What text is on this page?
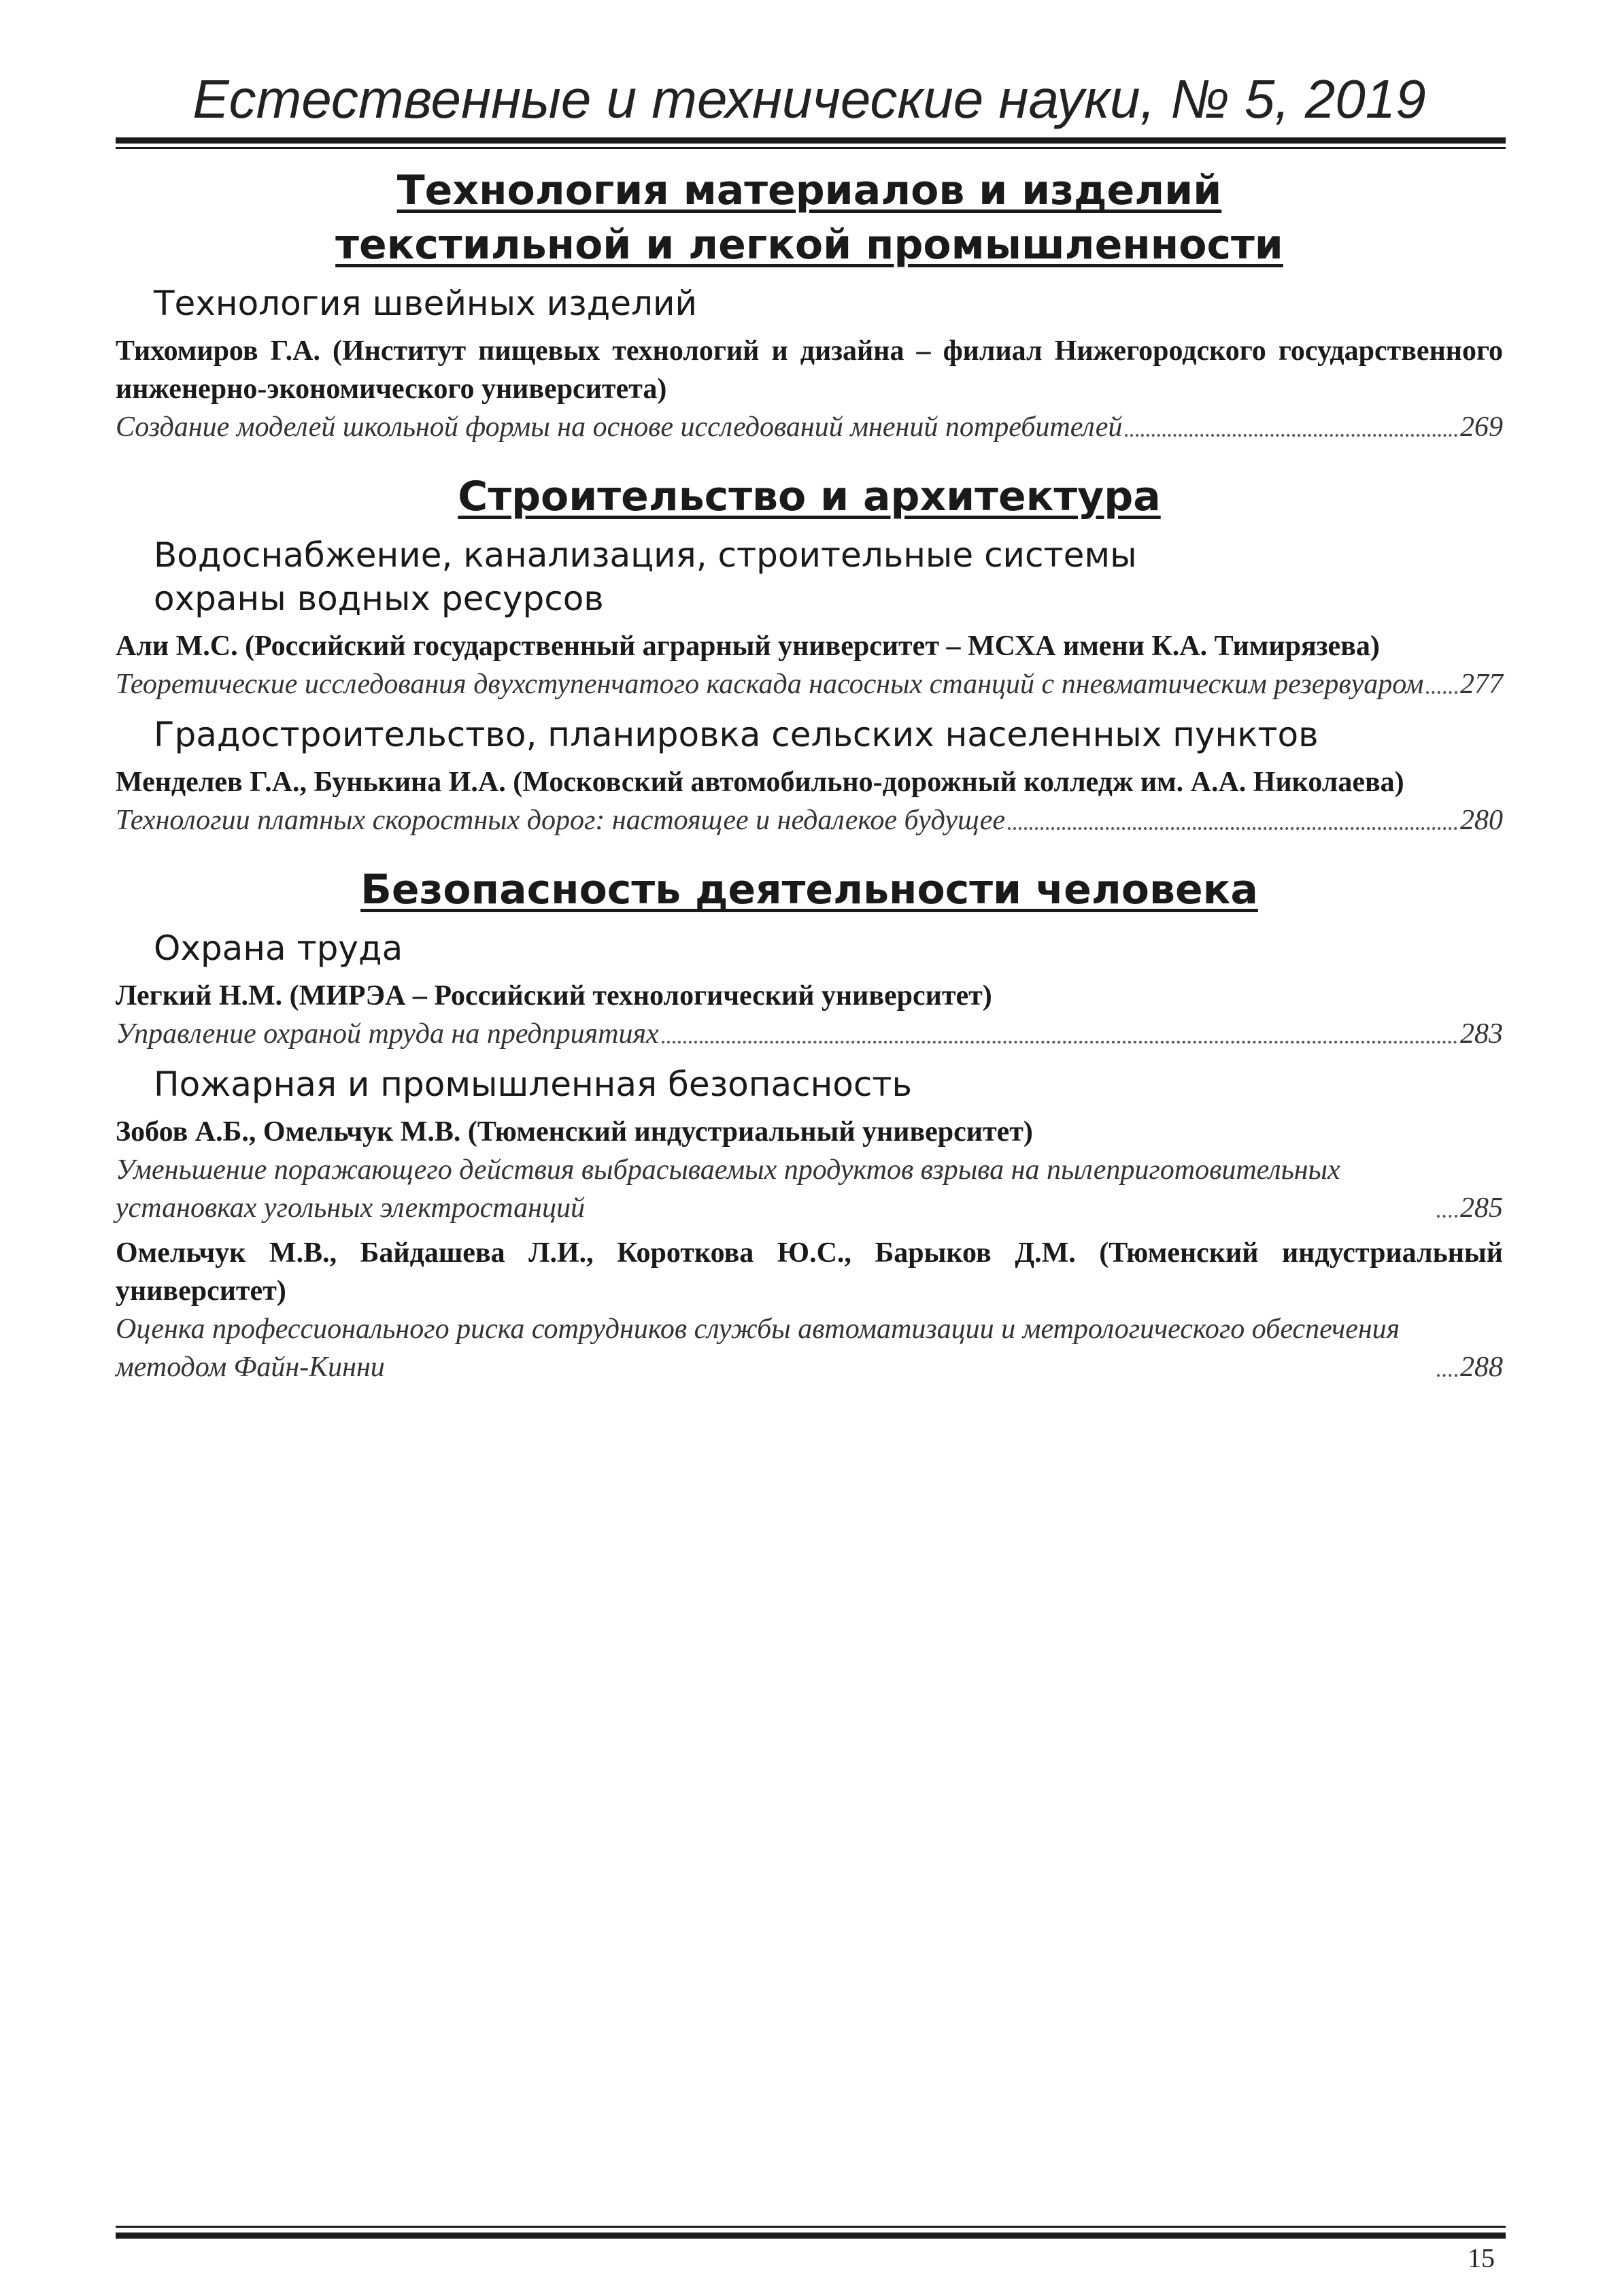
Естественные и технические науки, № 5, 2019
Технология материалов и изделий
текстильной и легкой промышленности
Технология швейных изделий
Тихомиров Г.А. (Институт пищевых технологий и дизайна – филиал Нижегородского государственного инженерно-экономического университета)
Создание моделей школьной формы на основе исследований мнений потребителей	269
Строительство и архитектура
Водоснабжение, канализация, строительные системы охраны водных ресурсов
Али М.С. (Российский государственный аграрный университет – МСХА имени К.А. Тимирязева)
Теоретические исследования двухступенчатого каскада насосных станций с пневматическим резервуаром 277
Градостроительство, планировка сельских населенных пунктов
Менделев Г.А., Бунькина И.А. (Московский автомобильно-дорожный колледж им. А.А. Николаева)
Технологии платных скоростных дорог: настоящее и недалекое будущее	280
Безопасность деятельности человека
Охрана труда
Легкий Н.М. (МИРЭА – Российский технологический университет)
Управление охраной труда на предприятиях	283
Пожарная и промышленная безопасность
Зобов А.Б., Омельчук М.В. (Тюменский индустриальный университет)
Уменьшение поражающего действия выбрасываемых продуктов взрыва на пылеприготовительных установках угольных электростанций	285
Омельчук М.В., Байдашева Л.И., Короткова Ю.С., Барыков Д.М. (Тюменский индустриальный университет)
Оценка профессионального риска сотрудников службы автоматизации и метрологического обеспечения методом Файн-Кинни	288
15
